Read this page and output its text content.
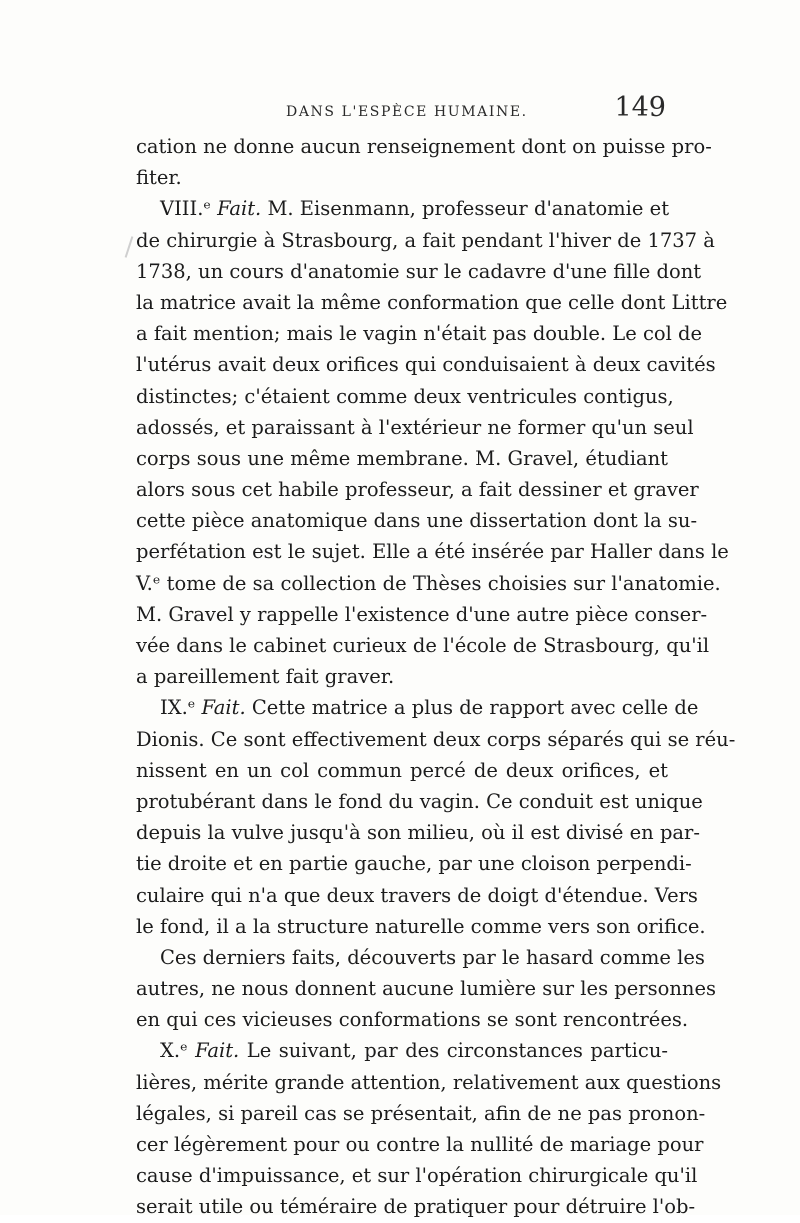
DANS L'ESPÈCE HUMAINE.	149
cation ne donne aucun renseignement dont on puisse pro-
fiter.
VIII.ᵉ Fait. M. Eisenmann, professeur d'anatomie et
de chirurgie à Strasbourg, a fait pendant l'hiver de 1737 à
1738, un cours d'anatomie sur le cadavre d'une fille dont
la matrice avait la même conformation que celle dont Littre
a fait mention; mais le vagin n'était pas double. Le col de
l'utérus avait deux orifices qui conduisaient à deux cavités
distinctes; c'étaient comme deux ventricules contigus,
adossés, et paraissant à l'extérieur ne former qu'un seul
corps sous une même membrane. M. Gravel, étudiant
alors sous cet habile professeur, a fait dessiner et graver
cette pièce anatomique dans une dissertation dont la su-
perfétation est le sujet. Elle a été insérée par Haller dans le
V.ᵉ tome de sa collection de Thèses choisies sur l'anatomie.
M. Gravel y rappelle l'existence d'une autre pièce conser-
vée dans le cabinet curieux de l'école de Strasbourg, qu'il
a pareillement fait graver.
IX.ᵉ Fait. Cette matrice a plus de rapport avec celle de
Dionis. Ce sont effectivement deux corps séparés qui se réu-
nissent en un col commun percé de deux orifices, et
protubérant dans le fond du vagin. Ce conduit est unique
depuis la vulve jusqu'à son milieu, où il est divisé en par-
tie droite et en partie gauche, par une cloison perpendi-
culaire qui n'a que deux travers de doigt d'étendue. Vers
le fond, il a la structure naturelle comme vers son orifice.
Ces derniers faits, découverts par le hasard comme les
autres, ne nous donnent aucune lumière sur les personnes
en qui ces vicieuses conformations se sont rencontrées.
X.ᵉ Fait. Le suivant, par des circonstances particu-
lières, mérite grande attention, relativement aux questions
légales, si pareil cas se présentait, afin de ne pas pronon-
cer légèrement pour ou contre la nullité de mariage pour
cause d'impuissance, et sur l'opération chirurgicale qu'il
serait utile ou téméraire de pratiquer pour détruire l'ob-
